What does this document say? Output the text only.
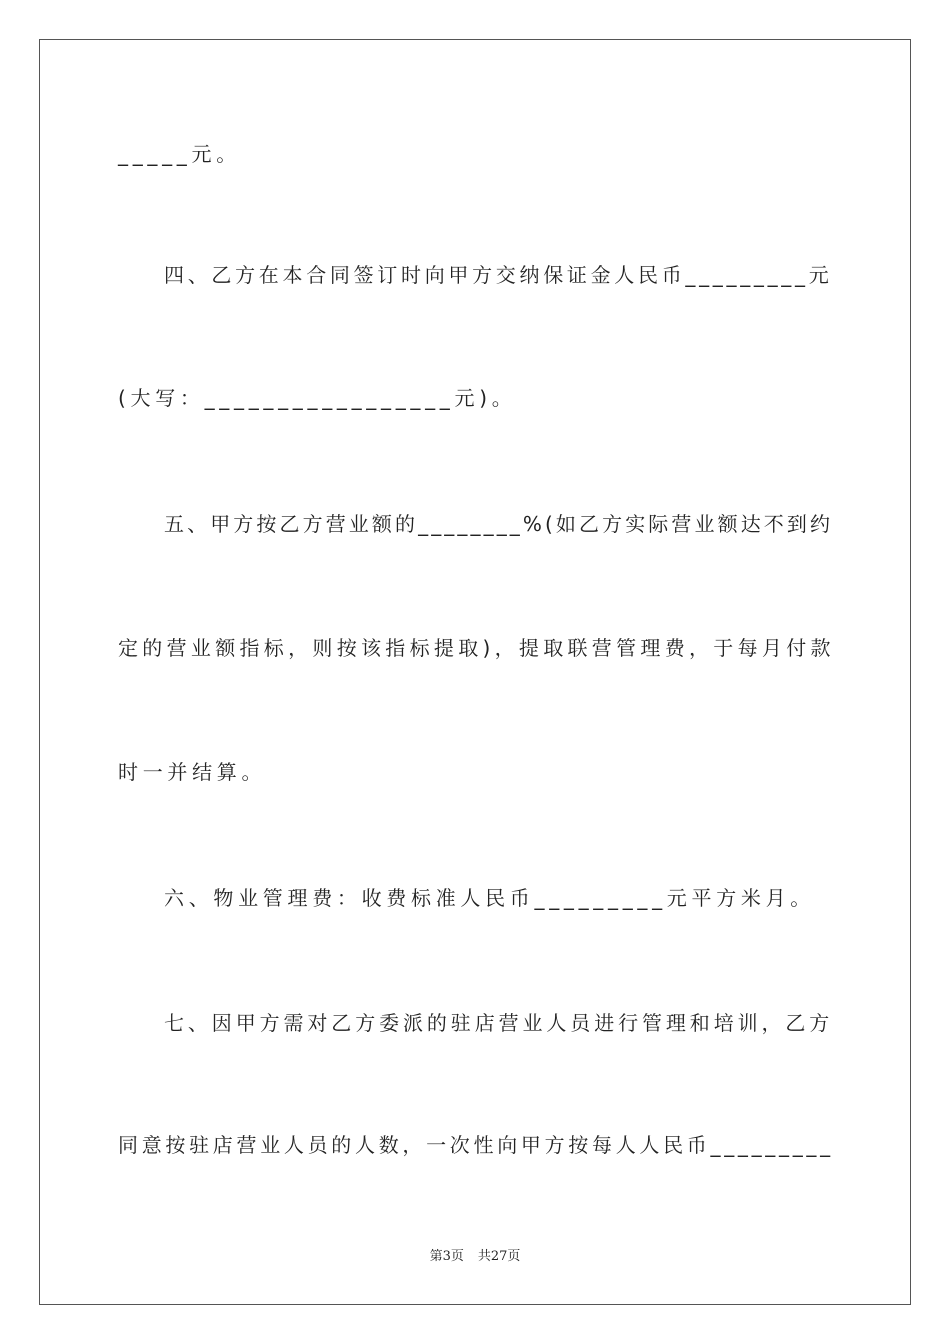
_____元。
四、乙方在本合同签订时向甲方交纳保证金人民币_________元
(大写：_________________元)。
五、甲方按乙方营业额的________%(如乙方实际营业额达不到约
定的营业额指标，则按该指标提取)，提取联营管理费，于每月付款
时一并结算。
六、物业管理费：收费标准人民币_________元平方米月。
七、因甲方需对乙方委派的驻店营业人员进行管理和培训，乙方
同意按驻店营业人员的人数，一次性向甲方按每人人民币_________
第3页 共27页
